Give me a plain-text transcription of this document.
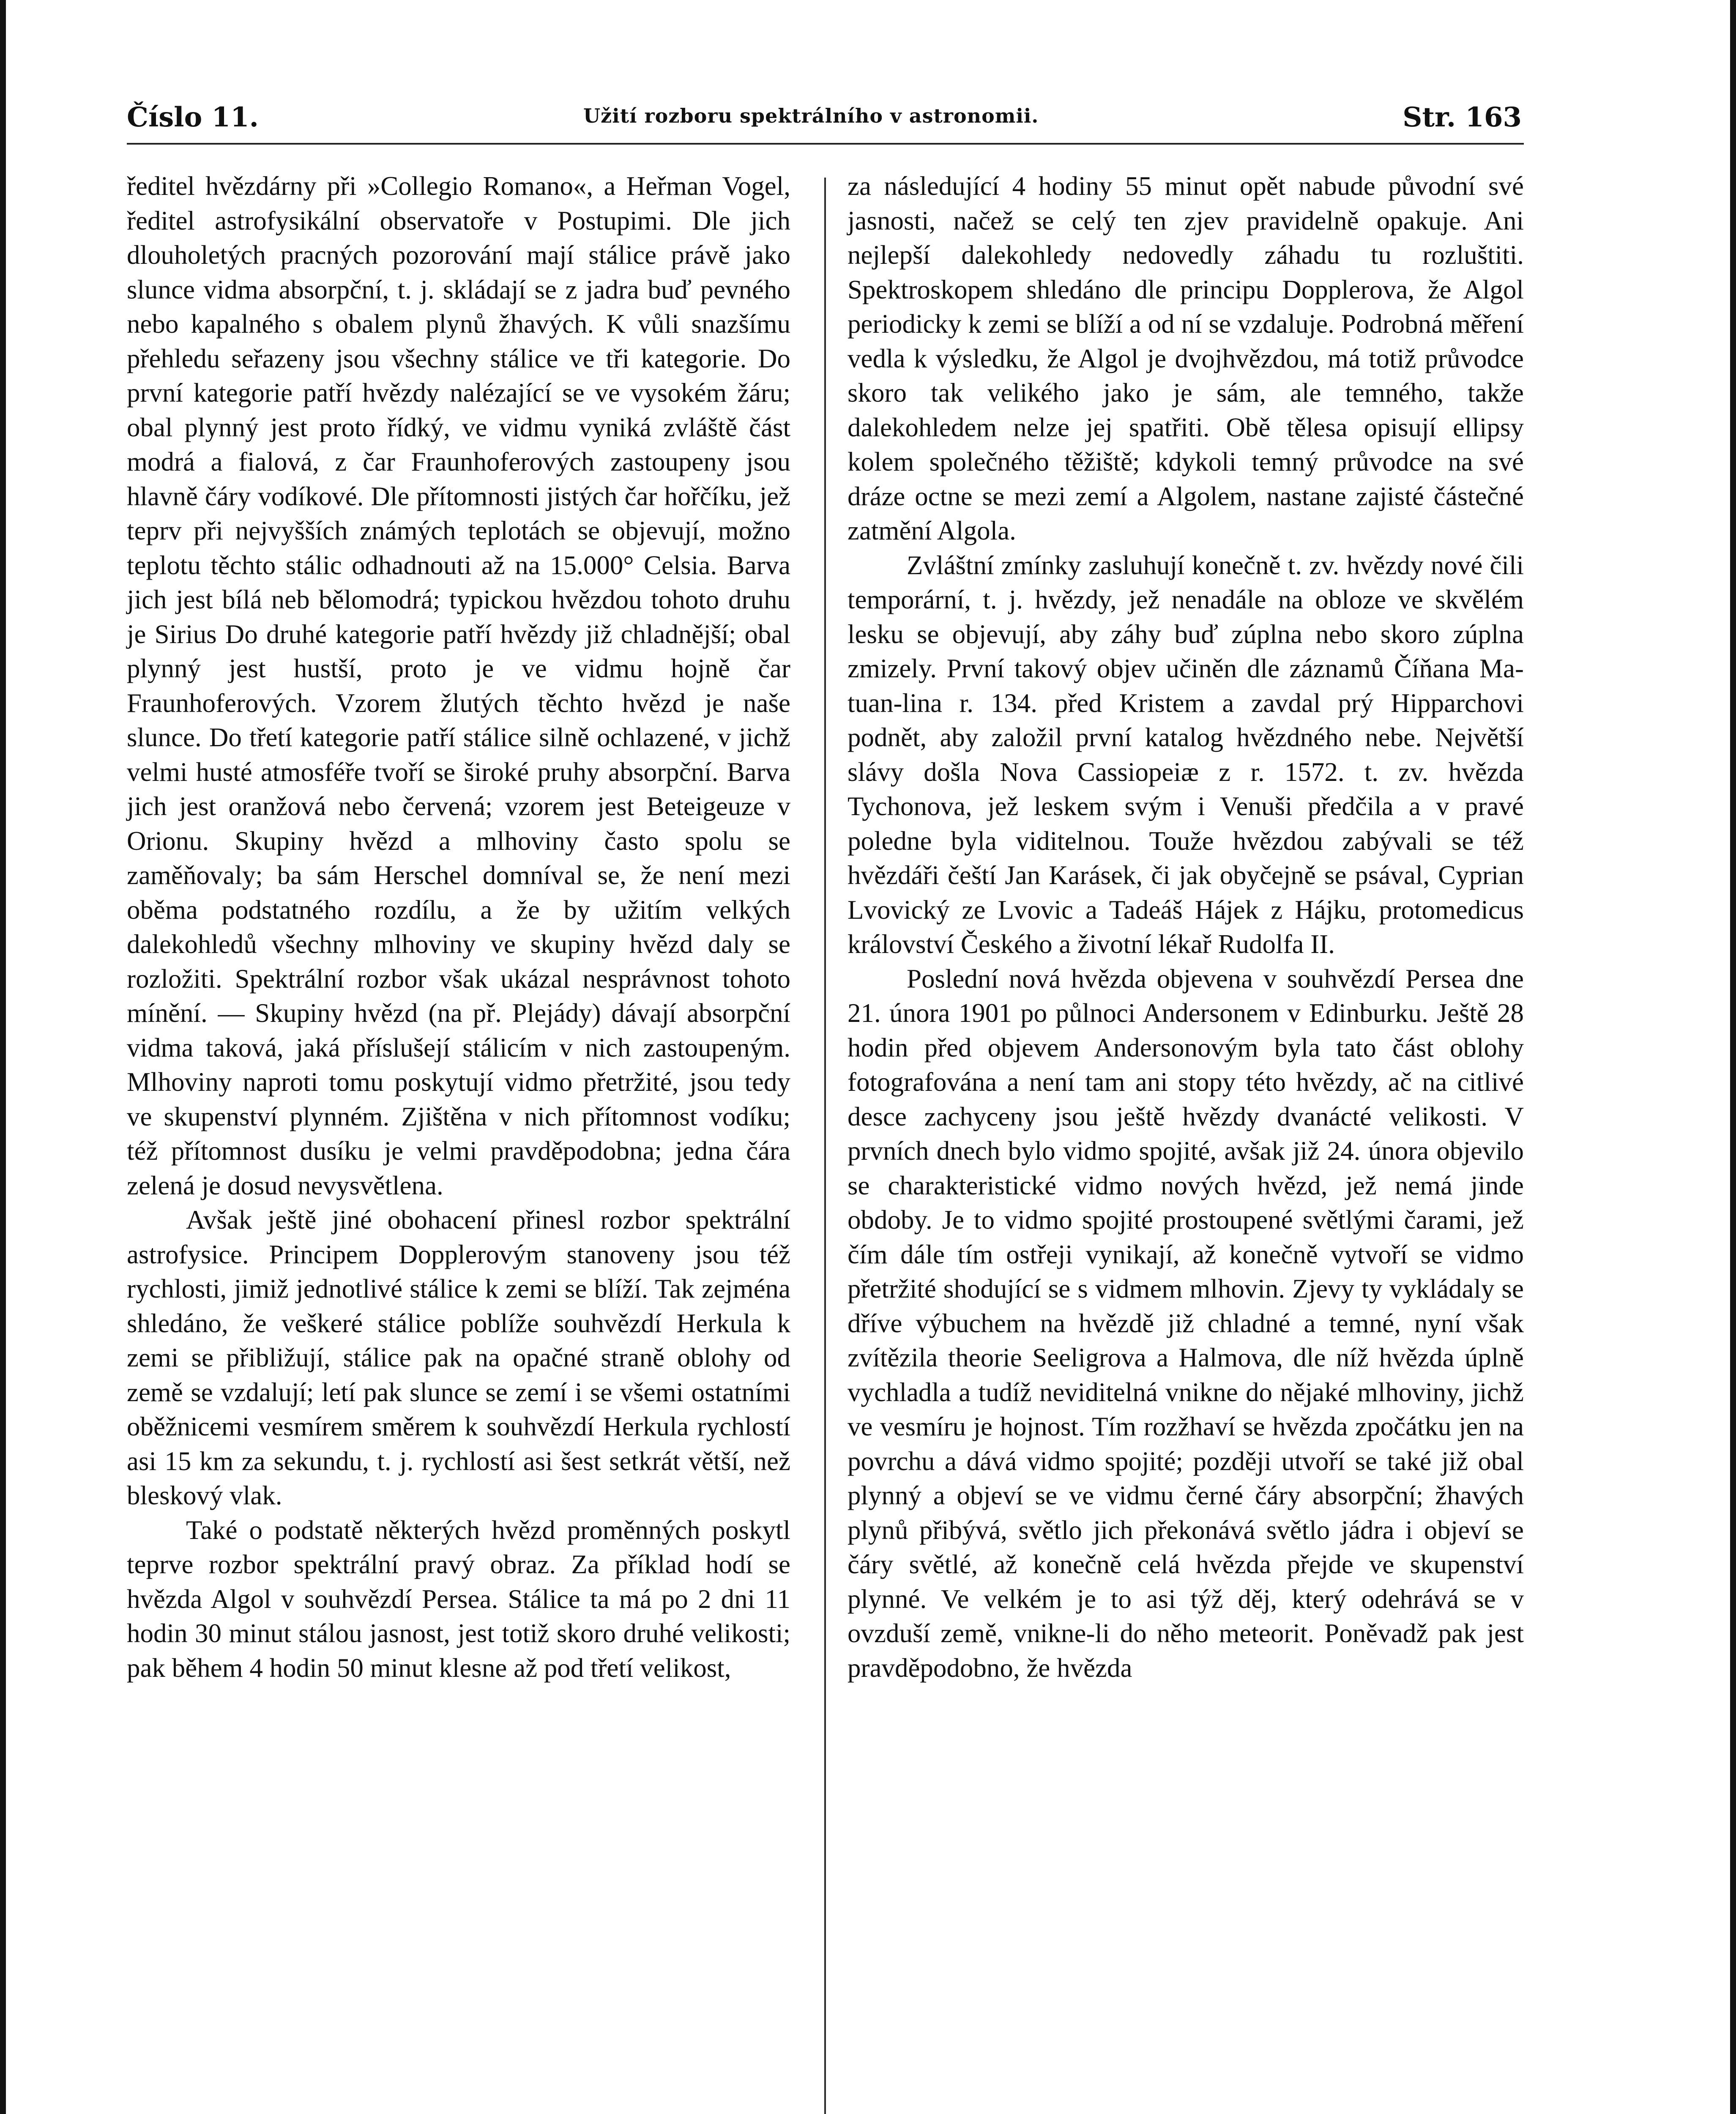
Číslo 11.	Užití rozboru spektrálního v astronomii.	Str. 163

ředitel hvězdárny při »Collegio Romano«, a Heřman Vogel, ředitel astrofysikální observatoře v Postupimi. Dle jich dlouholetých pracných pozorování mají stálice právě jako slunce vidma absorpční, t. j. skládají se z jadra buď pevného nebo kapalného s obalem plynů žhavých. K vůli snazšímu přehledu seřazeny jsou všechny stálice ve tři kategorie. Do první kategorie patří hvězdy nalézající se ve vysokém žáru; obal plynný jest proto řídký, ve vidmu vyniká zvláště část modrá a fialová, z čar Fraunhoferových zastoupeny jsou hlavně čáry vodíkové. Dle přítomnosti jistých čar hořčíku, jež teprv při nejvyšších známých teplotách se objevují, možno teplotu těchto stálic odhadnouti až na 15.000° Celsia. Barva jich jest bílá neb bělomodrá; typickou hvězdou tohoto druhu je Sirius Do druhé kategorie patří hvězdy již chladnější; obal plynný jest hustší, proto je ve vidmu hojně čar Fraunhoferových. Vzorem žlutých těchto hvězd je naše slunce. Do třetí kategorie patří stálice silně ochlazené, v jichž velmi husté atmosféře tvoří se široké pruhy absorpční. Barva jich jest oranžová nebo červená; vzorem jest Beteigeuze v Orionu. Skupiny hvězd a mlhoviny často spolu se zaměňovaly; ba sám Herschel domníval se, že není mezi oběma podstatného rozdílu, a že by užitím velkých dalekohledů všechny mlhoviny ve skupiny hvězd daly se rozložiti. Spektrální rozbor však ukázal nesprávnost tohoto mínění. — Skupiny hvězd (na př. Plejády) dávají absorpční vidma taková, jaká příslušejí stálicím v nich zastoupeným. Mlhoviny naproti tomu poskytují vidmo přetržité, jsou tedy ve skupenství plynném. Zjištěna v nich přítomnost vodíku; též přítomnost dusíku je velmi pravděpodobna; jedna čára zelená je dosud nevysvětlena.

Avšak ještě jiné obohacení přinesl rozbor spektrální astrofysice. Principem Dopplerovým stanoveny jsou též rychlosti, jimiž jednotlivé stálice k zemi se blíží. Tak zejména shledáno, že veškeré stálice poblíže souhvězdí Herkula k zemi se přibližují, stálice pak na opačné straně oblohy od země se vzdalují; letí pak slunce se zemí i se všemi ostatními oběžnicemi vesmírem směrem k souhvězdí Herkula rychlostí asi 15 km za sekundu, t. j. rychlostí asi šest setkrát větší, než bleskový vlak.

Také o podstatě některých hvězd proměnných poskytl teprve rozbor spektrální pravý obraz. Za příklad hodí se hvězda Algol v souhvězdí Persea. Stálice ta má po 2 dni 11 hodin 30 minut stálou jasnost, jest totiž skoro druhé velikosti; pak během 4 hodin 50 minut klesne až pod třetí velikost,

za následující 4 hodiny 55 minut opět nabude původní své jasnosti, načež se celý ten zjev pravidelně opakuje. Ani nejlepší dalekohledy nedovedly záhadu tu rozluštiti. Spektroskopem shledáno dle principu Dopplerova, že Algol periodicky k zemi se blíží a od ní se vzdaluje. Podrobná měření vedla k výsledku, že Algol je dvojhvězdou, má totiž průvodce skoro tak velikého jako je sám, ale temného, takže dalekohledem nelze jej spatřiti. Obě tělesa opisují ellipsy kolem společného těžiště; kdykoli temný průvodce na své dráze octne se mezi zemí a Algolem, nastane zajisté částečné zatmění Algola.

Zvláštní zmínky zasluhují konečně t. zv. hvězdy nové čili temporární, t. j. hvězdy, jež nenadále na obloze ve skvělém lesku se objevují, aby záhy buď zúplna nebo skoro zúplna zmizely. První takový objev učiněn dle záznamů Číňana Ma-tuan-lina r. 134. před Kristem a zavdal prý Hipparchovi podnět, aby založil první katalog hvězdného nebe. Největší slávy došla Nova Cassiopeiæ z r. 1572. t. zv. hvězda Tychonova, jež leskem svým i Venuši předčila a v pravé poledne byla viditelnou. Touže hvězdou zabývali se též hvězdáři čeští Jan Karásek, či jak obyčejně se psával, Cyprian Lvovický ze Lvovic a Tadeáš Hájek z Hájku, protomedicus království Českého a životní lékař Rudolfa II.

Poslední nová hvězda objevena v souhvězdí Persea dne 21. února 1901 po půlnoci Andersonem v Edinburku. Ještě 28 hodin před objevem Andersonovým byla tato část oblohy fotografována a není tam ani stopy této hvězdy, ač na citlivé desce zachyceny jsou ještě hvězdy dvanácté velikosti. V prvních dnech bylo vidmo spojité, avšak již 24. února objevilo se charakteristické vidmo nových hvězd, jež nemá jinde obdoby. Je to vidmo spojité prostoupené světlými čarami, jež čím dále tím ostřeji vynikají, až konečně vytvoří se vidmo přetržité shodující se s vidmem mlhovin. Zjevy ty vykládaly se dříve výbuchem na hvězdě již chladné a temné, nyní však zvítězila theorie Seeligrova a Halmova, dle níž hvězda úplně vychladla a tudíž neviditelná vnikne do nějaké mlhoviny, jichž ve vesmíru je hojnost. Tím rozžhaví se hvězda zpočátku jen na povrchu a dává vidmo spojité; později utvoří se také již obal plynný a objeví se ve vidmu černé čáry absorpční; žhavých plynů přibývá, světlo jich překonává světlo jádra i objeví se čáry světlé, až konečně celá hvězda přejde ve skupenství plynné. Ve velkém je to asi týž děj, který odehrává se v ovzduší země, vnikne-li do něho meteorit. Poněvadž pak jest pravděpodobno, že hvězda
